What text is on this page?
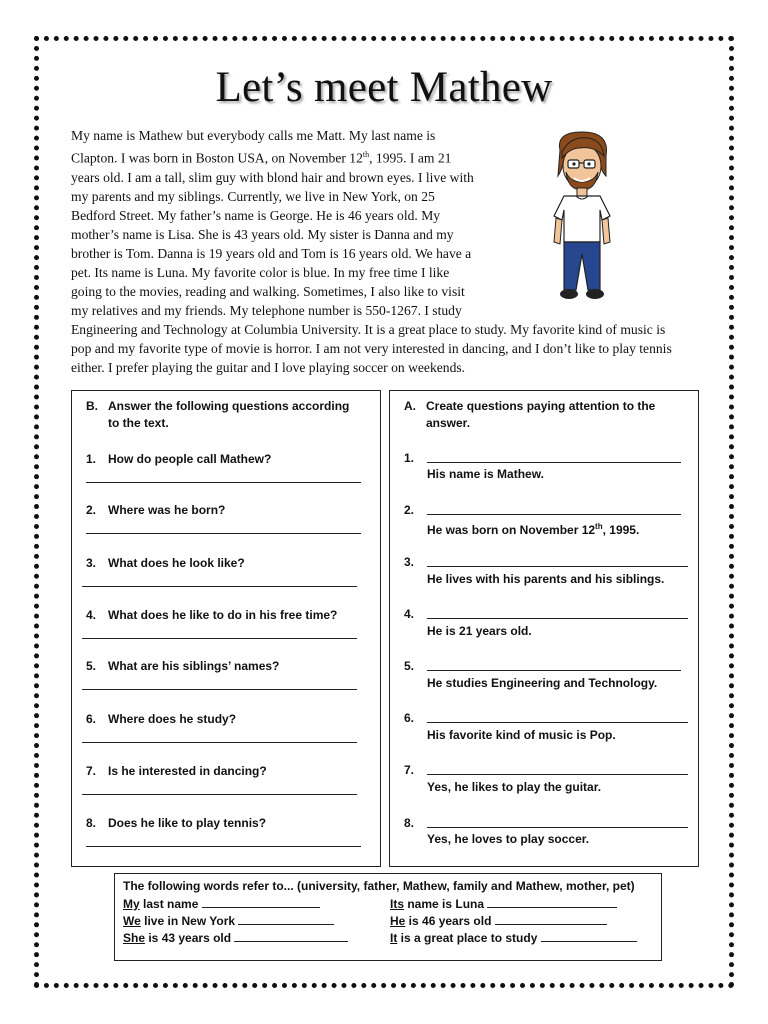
Let’s meet Mathew
My name is Mathew but everybody calls me Matt. My last name is
Clapton. I was born in Boston USA, on November 12th, 1995. I am 21
years old. I am a tall, slim guy with blond hair and brown eyes. I live with
my parents and my siblings. Currently, we live in New York, on 25
Bedford Street. My father’s name is George. He is 46 years old. My
mother’s name is Lisa. She is 43 years old. My sister is Danna and my
brother is Tom. Danna is 19 years old and Tom is 16 years old. We have a
pet. Its name is Luna. My favorite color is blue. In my free time I like
going to the movies, reading and walking. Sometimes, I also like to visit
my relatives and my friends. My telephone number is 550-1267. I study
Engineering and Technology at Columbia University. It is a great place to study. My favorite kind of music is
pop and my favorite type of movie is horror. I am not very interested in dancing, and I don’t like to play tennis
either. I prefer playing the guitar and I love playing soccer on weekends.
B. Answer the following questions according to the text.
1. How do people call Mathew?
2. Where was he born?
3. What does he look like?
4. What does he like to do in his free time?
5. What are his siblings’ names?
6. Where does he study?
7. Is he interested in dancing?
8. Does he like to play tennis?
A. Create questions paying attention to the answer.
1.
His name is Mathew.
2.
He was born on November 12th, 1995.
3.
He lives with his parents and his siblings.
4.
He is 21 years old.
5.
He studies Engineering and Technology.
6.
His favorite kind of music is Pop.
7.
Yes, he likes to play the guitar.
8.
Yes, he loves to play soccer.
The following words refer to... (university, father, Mathew, family and Mathew, mother, pet)
My last name	Its name is Luna
We live in New York	He is 46 years old
She is 43 years old	It is a great place to study
